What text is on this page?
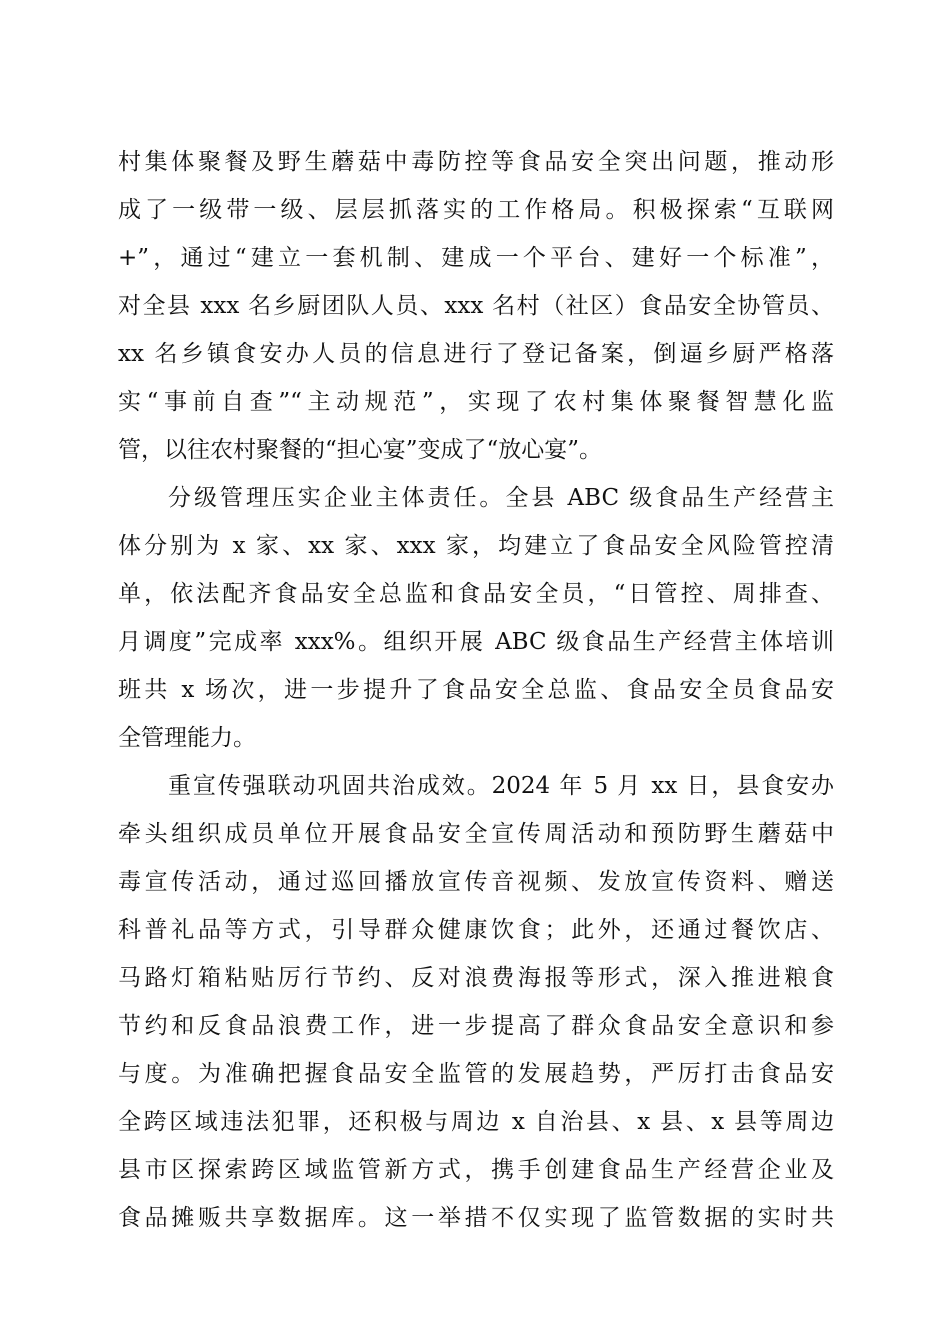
村集体聚餐及野生蘑菇中毒防控等食品安全突出问题，推动形
成了一级带一级、层层抓落实的工作格局。积极探索“互联网
+”，通过“建立一套机制、建成一个平台、建好一个标准”，
对全县 xxx 名乡厨团队人员、xxx 名村（社区）食品安全协管员、
xx 名乡镇食安办人员的信息进行了登记备案，倒逼乡厨严格落
实“事前自查”“主动规范”，实现了农村集体聚餐智慧化监
管，以往农村聚餐的“担心宴”变成了“放心宴”。
分级管理压实企业主体责任。全县 ABC 级食品生产经营主
体分别为 x 家、xx 家、xxx 家，均建立了食品安全风险管控清
单，依法配齐食品安全总监和食品安全员，“日管控、周排查、
月调度”完成率 xxx%。组织开展 ABC 级食品生产经营主体培训
班共 x 场次，进一步提升了食品安全总监、食品安全员食品安
全管理能力。
重宣传强联动巩固共治成效。2024 年 5 月 xx 日，县食安办
牵头组织成员单位开展食品安全宣传周活动和预防野生蘑菇中
毒宣传活动，通过巡回播放宣传音视频、发放宣传资料、赠送
科普礼品等方式，引导群众健康饮食；此外，还通过餐饮店、
马路灯箱粘贴厉行节约、反对浪费海报等形式，深入推进粮食
节约和反食品浪费工作，进一步提高了群众食品安全意识和参
与度。为准确把握食品安全监管的发展趋势，严厉打击食品安
全跨区域违法犯罪，还积极与周边 x 自治县、x 县、x 县等周边
县市区探索跨区域监管新方式，携手创建食品生产经营企业及
食品摊贩共享数据库。这一举措不仅实现了监管数据的实时共
